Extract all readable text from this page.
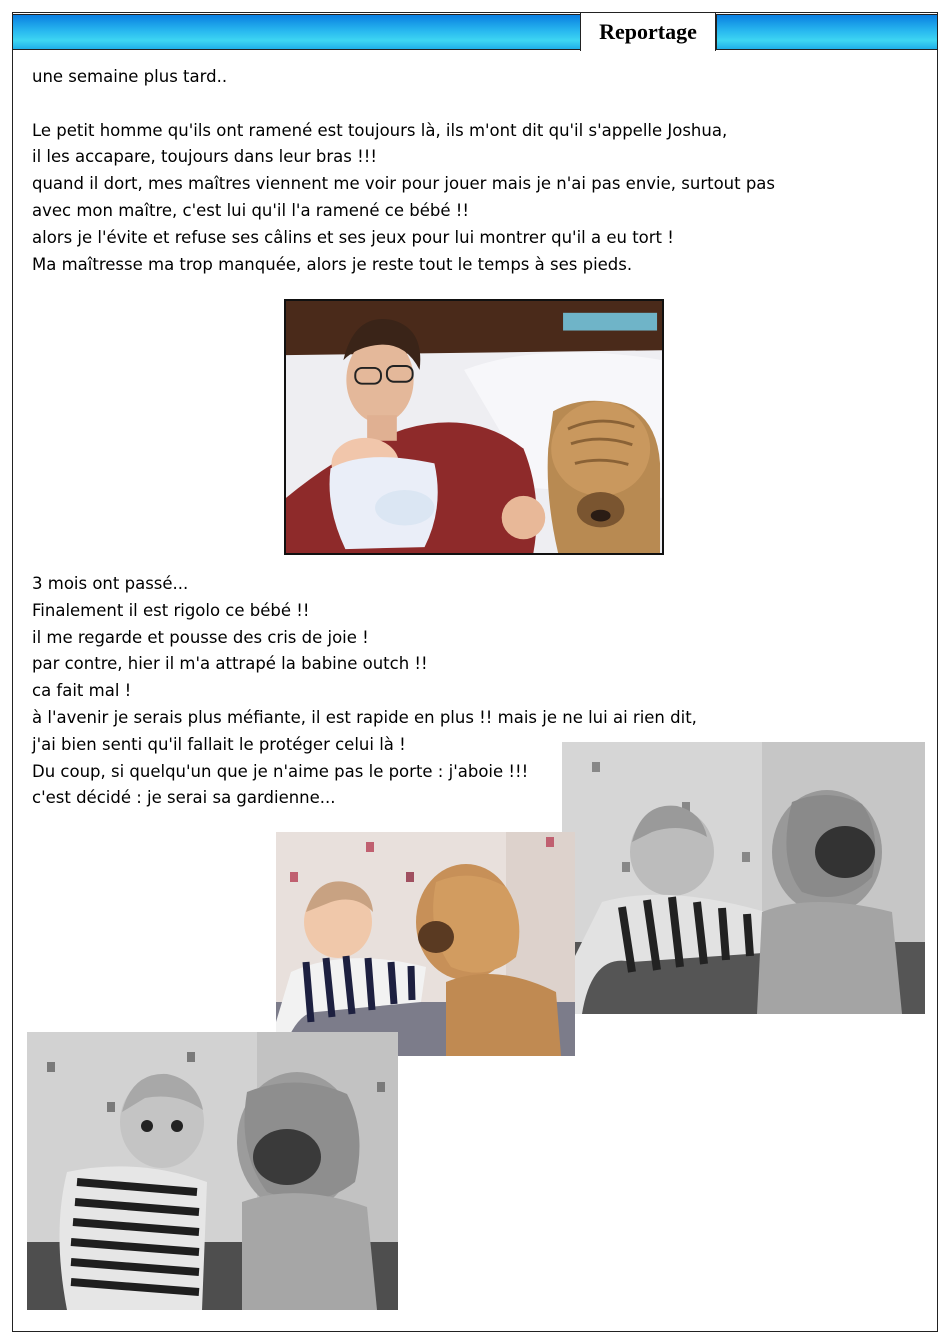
Reportage

une semaine plus tard..

Le petit homme qu'ils ont ramené est toujours là, ils m'ont dit qu'il s'appelle Joshua,

il les accapare, toujours dans leur bras !!!

quand il dort, mes maîtres viennent me voir pour jouer mais je n'ai pas envie, surtout pas

avec mon maître, c'est lui qu'il l'a ramené ce bébé !!

alors je l'évite et refuse ses câlins et ses jeux pour lui montrer qu'il a eu tort !

Ma maîtresse ma trop manquée, alors je reste tout le temps à ses pieds.

3 mois ont passé...

Finalement il est rigolo ce bébé !!

il me regarde et pousse des cris de joie !

par contre, hier il m'a attrapé la babine outch !!

ca fait mal !

à l'avenir je serais plus méfiante, il est rapide en plus !! mais je ne lui ai rien dit,

j'ai bien senti qu'il fallait le protéger celui là !

Du coup, si quelqu'un que je n'aime pas le porte : j'aboie !!!

c'est décidé : je serai sa gardienne...
